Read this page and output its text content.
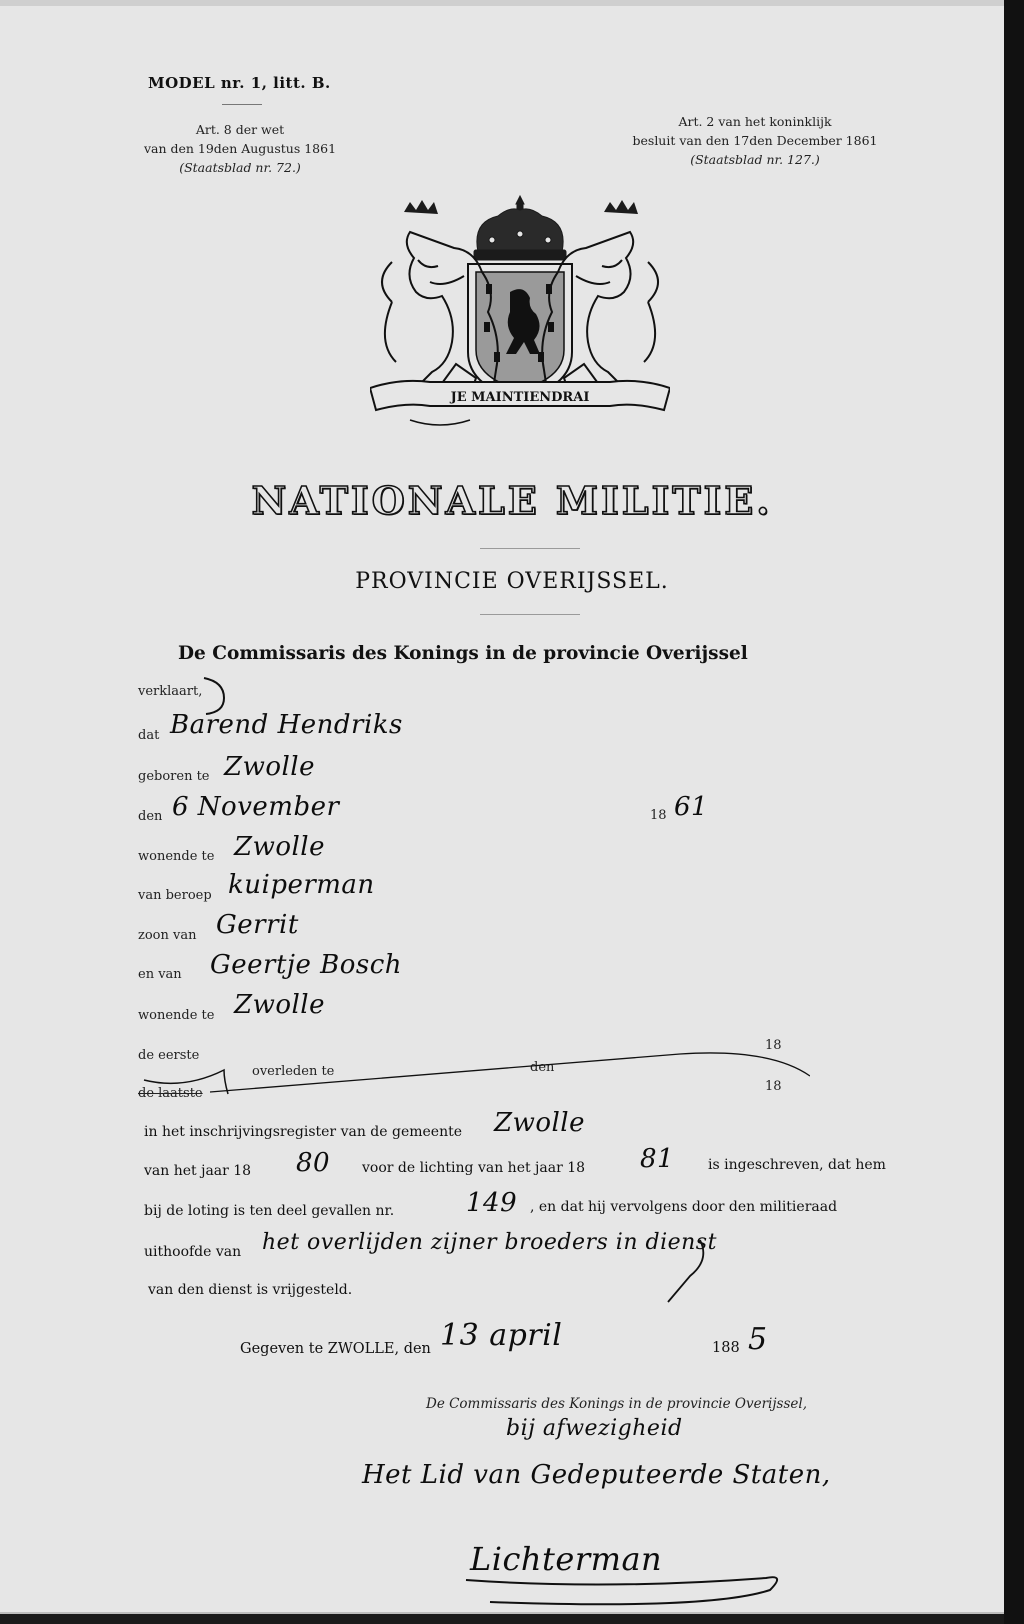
MODEL nr. 1, litt. B.
Art. 8 der wet
van den 19den Augustus 1861
(Staatsblad nr. 72.)
Art. 2 van het koninklijk
besluit van den 17den December 1861
(Staatsblad nr. 127.)
JE MAINTIENDRAI
NATIONALE MILITIE.
PROVINCIE OVERIJSSEL.
De Commissaris des Konings in de provincie Overijssel
verklaart,
dat Barend Hendriks
geboren te Zwolle
den 6 November	18 61
wonende te Zwolle
van beroep kuiperman
zoon van Gerrit
en van Geertje Bosch
wonende te Zwolle
18
de eerste
overleden te	den
de laatste	18
in het inschrijvingsregister van de gemeente Zwolle
van het jaar 18 80 voor de lichting van het jaar 18 81 is ingeschreven, dat hem
bij de loting is ten deel gevallen nr.	149 , en dat hij vervolgens door den militieraad
uithoofde van het overlijden zijner broeders in dienst
van den dienst is vrijgesteld.
Gegeven te ZWOLLE, den 13 april	188 5
De Commissaris des Konings in de provincie Overijssel,
bij afwezigheid
Het Lid van Gedeputeerde Staten,
Lichterman
